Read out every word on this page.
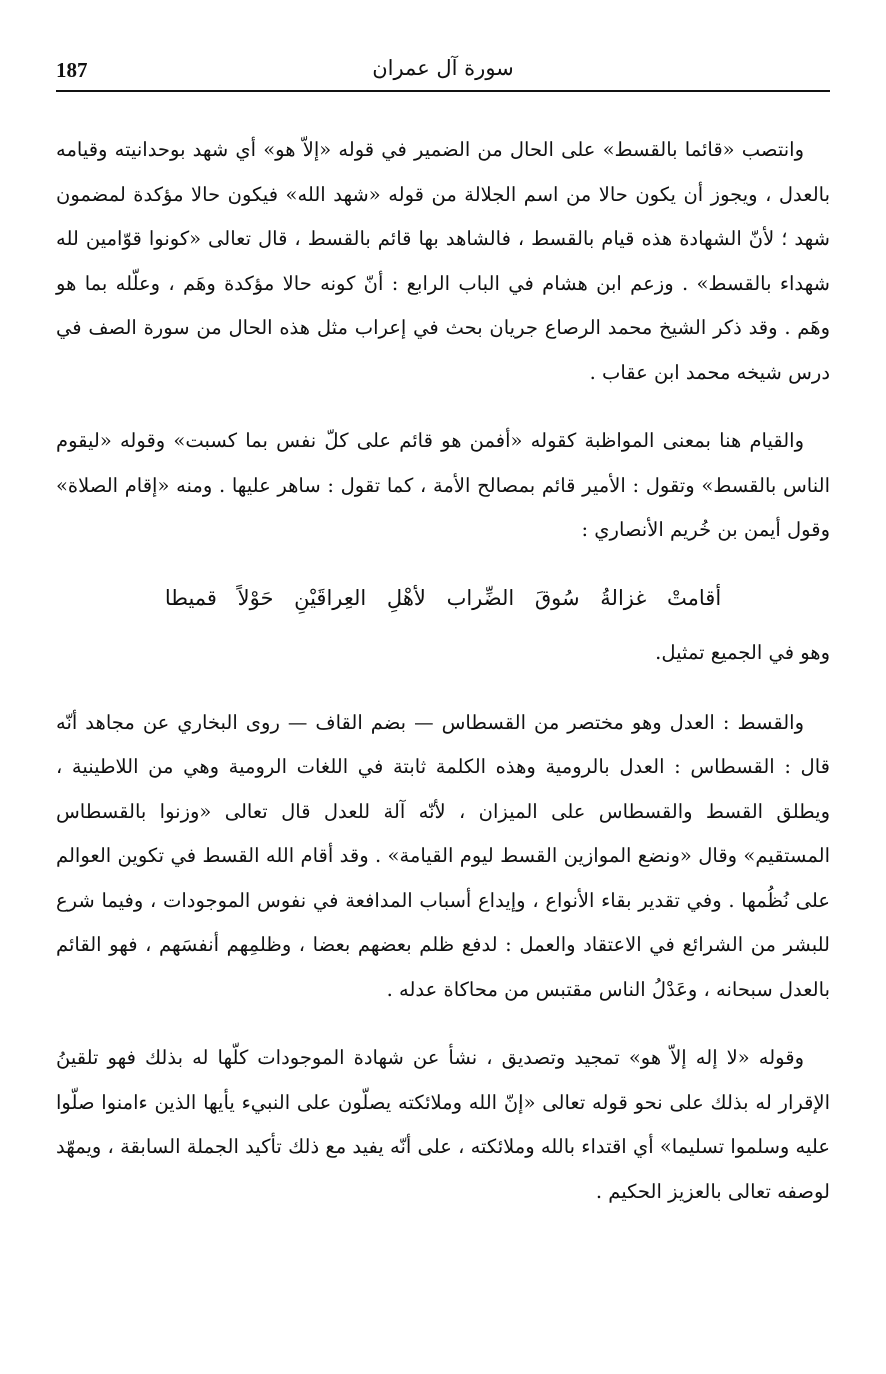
187	سورة آل عمران

وانتصب «قائما بالقسط» على الحال من الضمير في قوله «إلاّ هو» أي شهد بوحدانيته وقيامه بالعدل ، ويجوز أن يكون حالا من اسم الجلالة من قوله «شهد الله» فيكون حالا مؤكدة لمضمون شهد ؛ لأنّ الشهادة هذه قيام بالقسط ، فالشاهد بها قائم بالقسط ، قال تعالى «كونوا قوّامين لله شهداء بالقسط» . وزعم ابن هشام في الباب الرابع : أنّ كونه حالا مؤكدة وهَم ، وعلّله بما هو وهَم . وقد ذكر الشيخ محمد الرصاع جريان بحث في إعراب مثل هذه الحال من سورة الصف في درس شيخه محمد ابن عقاب .

والقيام هنا بمعنى المواظبة كقوله «أفمن هو قائم على كلّ نفس بما كسبت» وقوله «ليقوم الناس بالقسط» وتقول : الأمير قائم بمصالح الأمة ، كما تقول : ساهر عليها . ومنه «إقام الصلاة» وقول أيمن بن خُريم الأنصاري :

أقامتْ غزالةُ سُوقَ الضِّراب لأهْلِ العِراقَيْنِ حَوْلاً قميطا

وهو في الجميع تمثيل.

والقسط : العدل وهو مختصر من القسطاس — بضم القاف — روى البخاري عن مجاهد أنّه قال : القسطاس : العدل بالرومية وهذه الكلمة ثابتة في اللغات الرومية وهي من اللاطينية ، ويطلق القسط والقسطاس على الميزان ، لأنّه آلة للعدل قال تعالى «وزنوا بالقسطاس المستقيم» وقال «ونضع الموازين القسط ليوم القيامة» . وقد أقام الله القسط في تكوين العوالم على نُظُمها . وفي تقدير بقاء الأنواع ، وإيداع أسباب المدافعة في نفوس الموجودات ، وفيما شرع للبشر من الشرائع في الاعتقاد والعمل : لدفع ظلم بعضهم بعضا ، وظلمِهم أنفسَهم ، فهو القائم بالعدل سبحانه ، وعَدْلُ الناس مقتبس من محاكاة عدله .

وقوله «لا إله إلاّ هو» تمجيد وتصديق ، نشأ عن شهادة الموجودات كلّها له بذلك فهو تلقينُ الإقرار له بذلك على نحو قوله تعالى «إنّ الله وملائكته يصلّون على النبيء يأيها الذين ءامنوا صلّوا عليه وسلموا تسليما» أي اقتداء بالله وملائكته ، على أنّه يفيد مع ذلك تأكيد الجملة السابقة ، ويمهّد لوصفه تعالى بالعزيز الحكيم .
